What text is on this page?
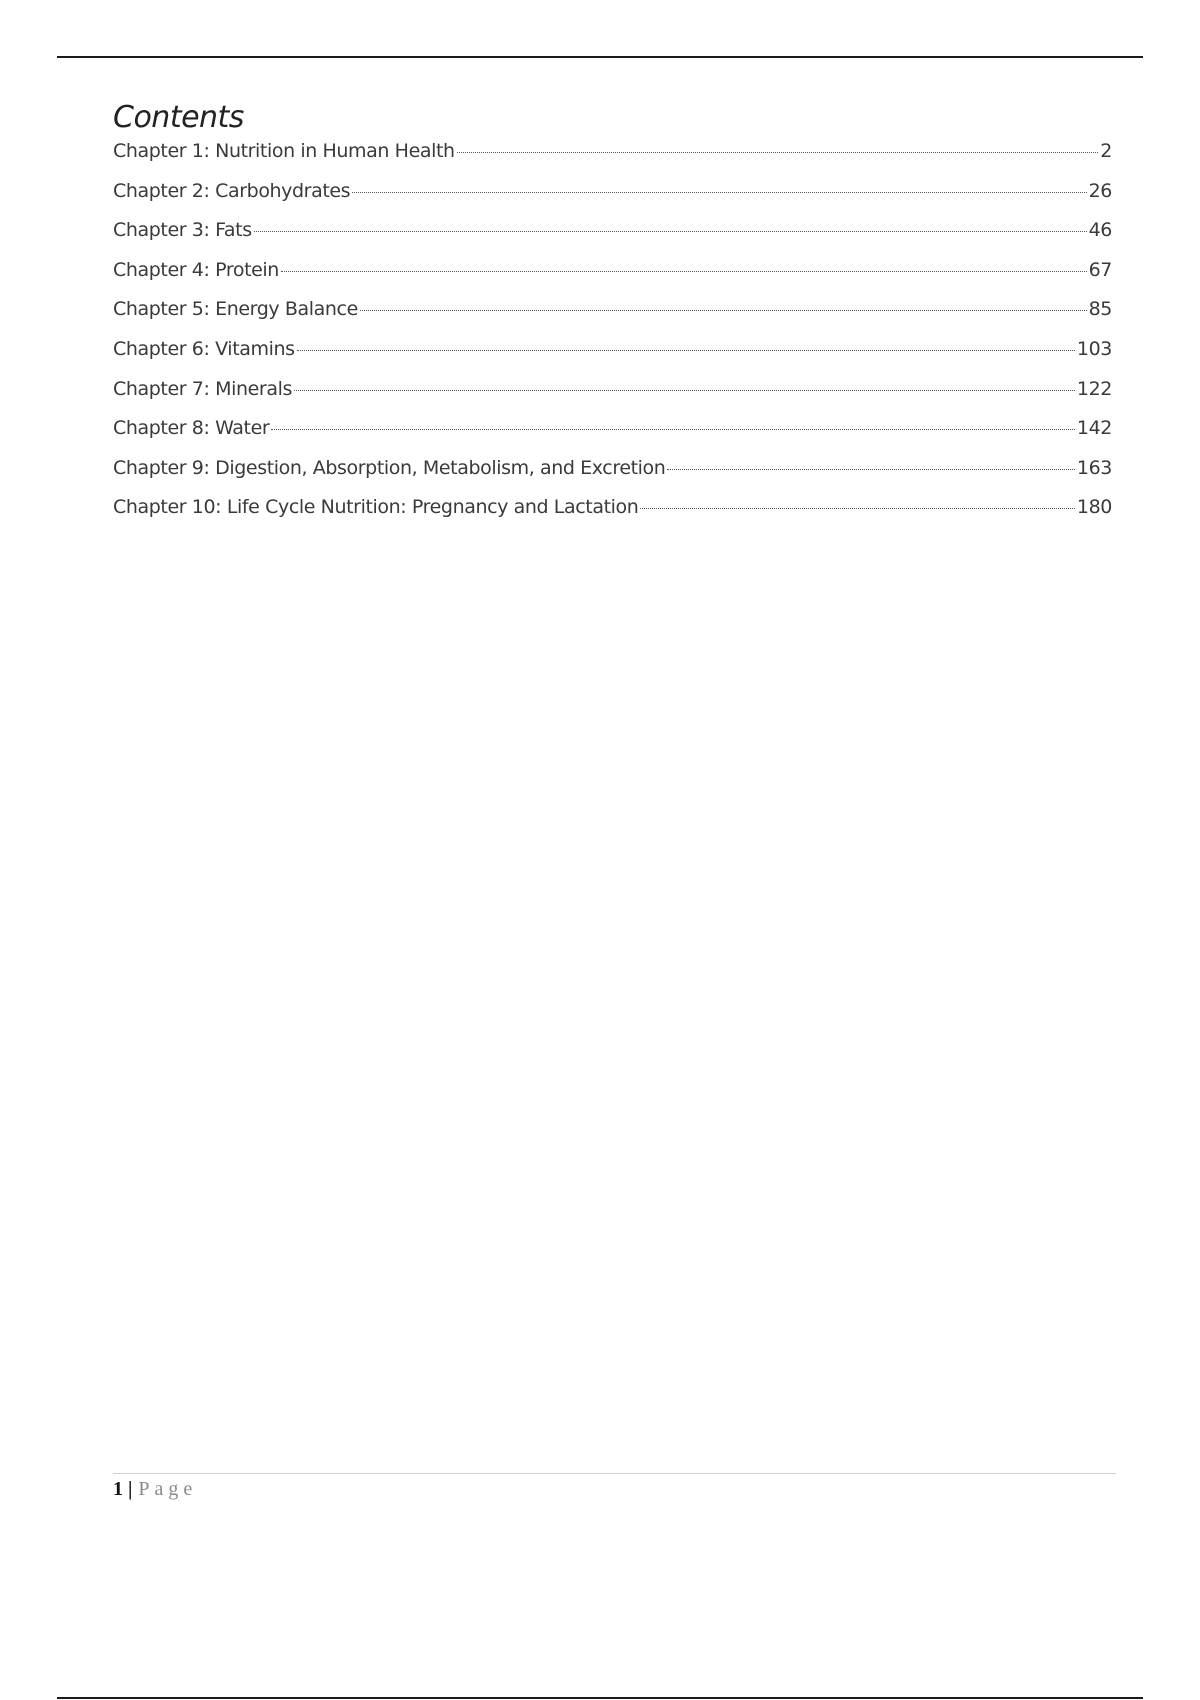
Contents
Chapter 1: Nutrition in Human Health	2
Chapter 2: Carbohydrates	26
Chapter 3: Fats	46
Chapter 4: Protein	67
Chapter 5: Energy Balance	85
Chapter 6: Vitamins	103
Chapter 7: Minerals	122
Chapter 8: Water	142
Chapter 9: Digestion, Absorption, Metabolism, and Excretion	163
Chapter 10: Life Cycle Nutrition: Pregnancy and Lactation	180
1 | Page
